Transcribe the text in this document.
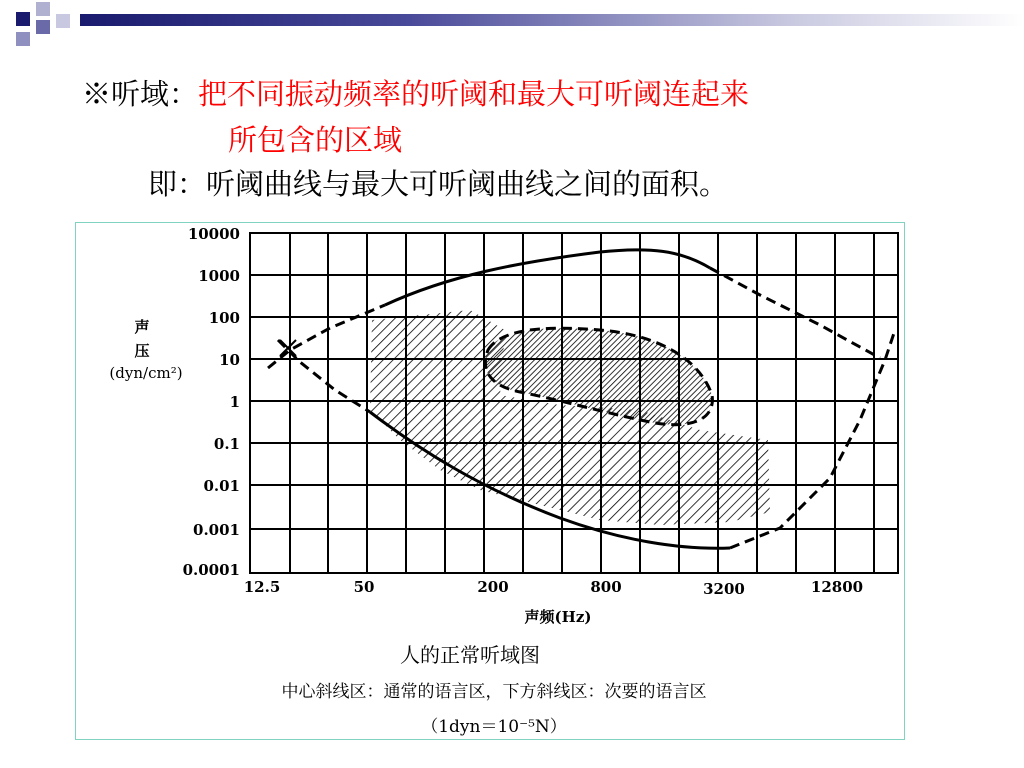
※听域：把不同振动频率的听阈和最大可听阈连起来
所包含的区域
即：听阈曲线与最大可听阈曲线之间的面积。
10000
1000
100
10
1
0.1
0.01
0.001
0.0001
声
压
(dyn/cm²)
12.5	50	200	800	3200	12800
声频(Hz)
人的正常听域图
中心斜线区：通常的语言区，下方斜线区：次要的语言区
（1dyn＝10⁻⁵N）
